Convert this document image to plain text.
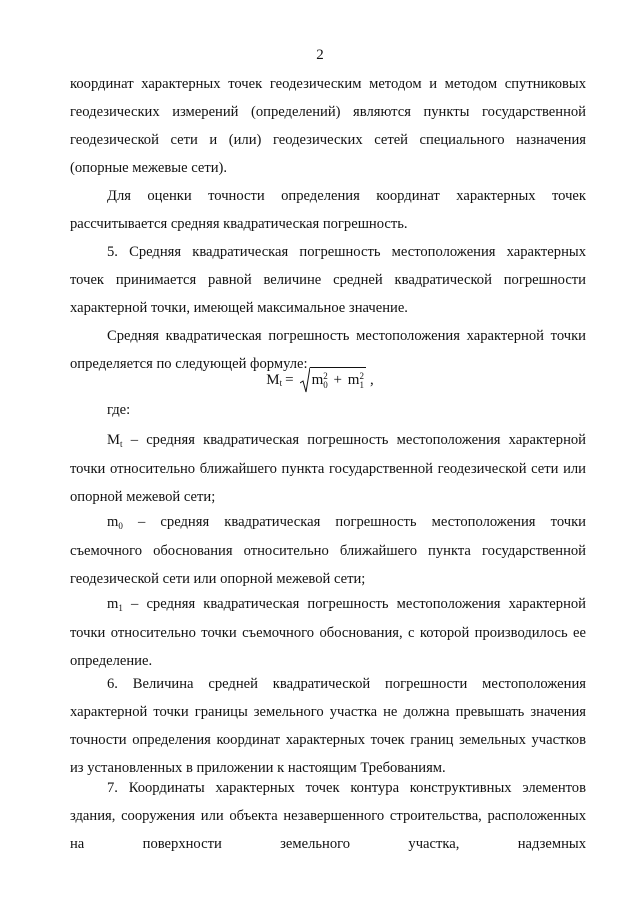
2

координат характерных точек геодезическим методом и методом спутниковых геодезических измерений (определений) являются пункты государственной геодезической сети и (или) геодезических сетей специального назначения (опорные межевые сети).

Для оценки точности определения координат характерных точек рассчитывается средняя квадратическая погрешность.

5. Средняя квадратическая погрешность местоположения характерных точек принимается равной величине средней квадратической погрешности характерной точки, имеющей максимальное значение.

Средняя квадратическая погрешность местоположения характерной точки определяется по следующей формуле:

M t = m 2
0 + m 2
1 ,

где:

$M_t$ – средняя квадратическая погрешность местоположения характерной точки относительно ближайшего пункта государственной геодезической сети или опорной межевой сети;

$m_0$ – средняя квадратическая погрешность местоположения точки съемочного обоснования относительно ближайшего пункта государственной геодезической сети или опорной межевой сети;

$m_1$ – средняя квадратическая погрешность местоположения характерной точки относительно точки съемочного обоснования, с которой производилось ее определение.

6. Величина средней квадратической погрешности местоположения характерной точки границы земельного участка не должна превышать значения точности определения координат характерных точек границ земельных участков из установленных в приложении к настоящим Требованиям.

7. Координаты характерных точек контура конструктивных элементов здания, сооружения или объекта незавершенного строительства, расположенных на поверхности земельного участка, надземных
